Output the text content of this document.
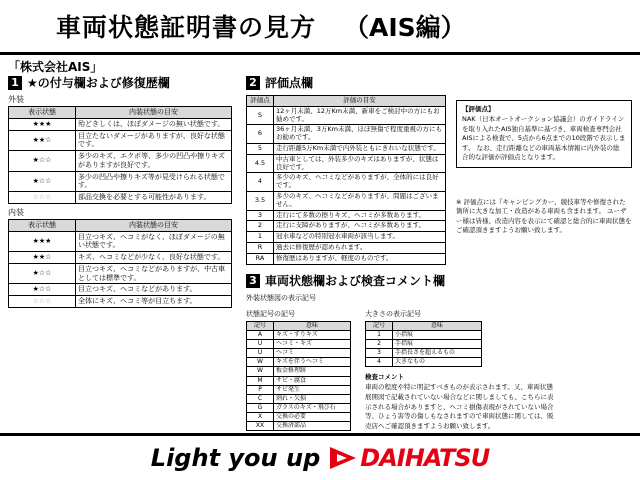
車両状態証明書の見方 （AIS編）
「株式会社AIS」
1 ★の付与欄および修復歴欄
外装
表示状態	内装状態の目安
★★★	殆どきしくは、ほぼダメージの無い状態です。
★★☆	目立たないダメージがありますが、良好な状態です。
★☆☆	多少のキズ、エクボ等、多少の凹凸や擦りキズがありますが良好です。
★☆☆	多少の凹凸や擦りキズ等が見受けられる状態です。
☆☆☆	部品交換を必要とする可能性があります。
内装
表示状態	内装状態の目安
★★★	目立つキズ、ヘコミがなく、ほぼダメージの無い状態です。
★★☆	キズ、ヘコミなどが少なく、良好な状態です。
★☆☆	目立つキズ、ヘコミなどがありますが、中古車としては標準です。
★☆☆	目立つキズ、ヘコミなどがあります。
☆☆☆	全体にキズ、ヘコミ等が目立ちます。
2 評価点欄
評価点	評価の目安
S	12ヶ月未満、12万Km未満、新車をご検討中の方にもお勧めです。
6	36ヶ月未満、3万Km未満、ほぼ無傷で程度重視の方にもお勧めです。
5	走行距離5万Km未満で内外装ともにきれいな状態です。
4.5	中古車としては、外装多少のキズはありますが、状態は良好です。
4	多少のキズ、ヘコミなどがありますが、全体的には良好です。
3.5	多少のキズ、ヘコミなどがありますが、問題はございません。
3	走行にて多数の擦りキズ、ヘコミが多数あります。
2	走行に支障がありますが、ヘコミが多数あります。
1	冠水車などの特別冠水車両が該当します。
R	過去に修復歴が認められます。
RA	修復歴はありますが、軽度のものです。
【評価点】
NAK（日本オートオークション協議会）のガイドラインを取り入れたAIS独自基準に基づき、車両検査専門会社AISによる検査で、5点から6点までの10段階で表示します。 なお、走行距離などの車両基本情報に内外装の総合的な評価が評価点となります。
※ 評価点には『キャンピングカー、競技車等や修復された箇所に大きな加工・改造がある車両も含まれます。 ユーザー様は皆様、改造内容を表示にて確認と総合的に車両状態をご確認頂きますようお願い致します。
3 車両状態欄および検査コメント欄
外装状態図の表示記号
状態記号の記号
記号	意味
A	キズ・すりキズ
U	ヘコミ・キズ
U	ヘコミ
W	キズを伴うヘコミ
W	板金修理跡
M	サビ・腐食
P	サビ発生
C	割れ・欠損
G	ガラスのキズ・飛び石
X	交換の必要
XX	交換済部品
大きさの表示記号
記号	意味
1	小指痕
2	手指痕
3	手指長さを超えるもの
4	大きなもの
検査コメント
車両の程度や特に明記すべきものが表示されます。又、車両状態展開図で記載されていない場合などに関しましても、こちらに表示される場合がありますと、ヘコミ損傷表現がされていない場合等、ひょう害等の傷しもなされますので車両状態に関しては、販売店へご確認頂きますようお願い致します。
Light y o u up DAIHATSU
